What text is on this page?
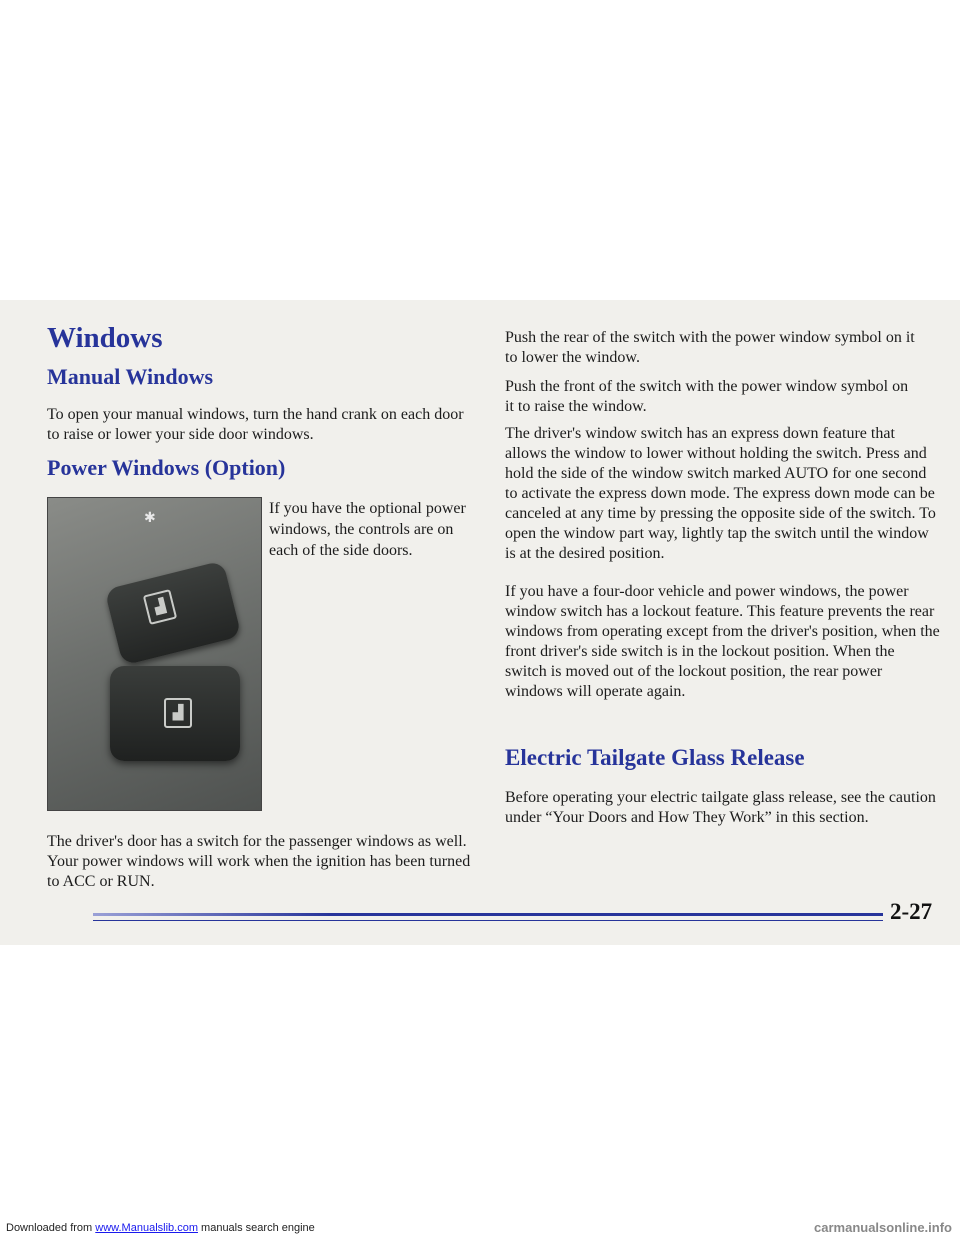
Windows
Manual Windows

To open your manual windows, turn the hand crank on each door to raise or lower your side door windows.

Power Windows (Option)
✱
▟
▟

If you have the optional power windows, the controls are on each of the side doors.

The driver's door has a switch for the passenger windows as well. Your power windows will work when the ignition has been turned to ACC or RUN.

Push the rear of the switch with the power window symbol on it to lower the window.

Push the front of the switch with the power window symbol on it to raise the window.

The driver's window switch has an express down feature that allows the window to lower without holding the switch. Press and hold the side of the window switch marked AUTO for one second to activate the express down mode. The express down mode can be canceled at any time by pressing the opposite side of the switch. To open the window part way, lightly tap the switch until the window is at the desired position.

If you have a four-door vehicle and power windows, the power window switch has a lockout feature. This feature prevents the rear windows from operating except from the driver's position, when the front driver's side switch is in the lockout position. When the switch is moved out of the lockout position, the rear power windows will operate again.

Electric Tailgate Glass Release

Before operating your electric tailgate glass release, see the caution under “Your Doors and How They Work” in this section.

2-27
Downloaded from www.Manualslib.com manuals search engine	carmanualsonline.info
